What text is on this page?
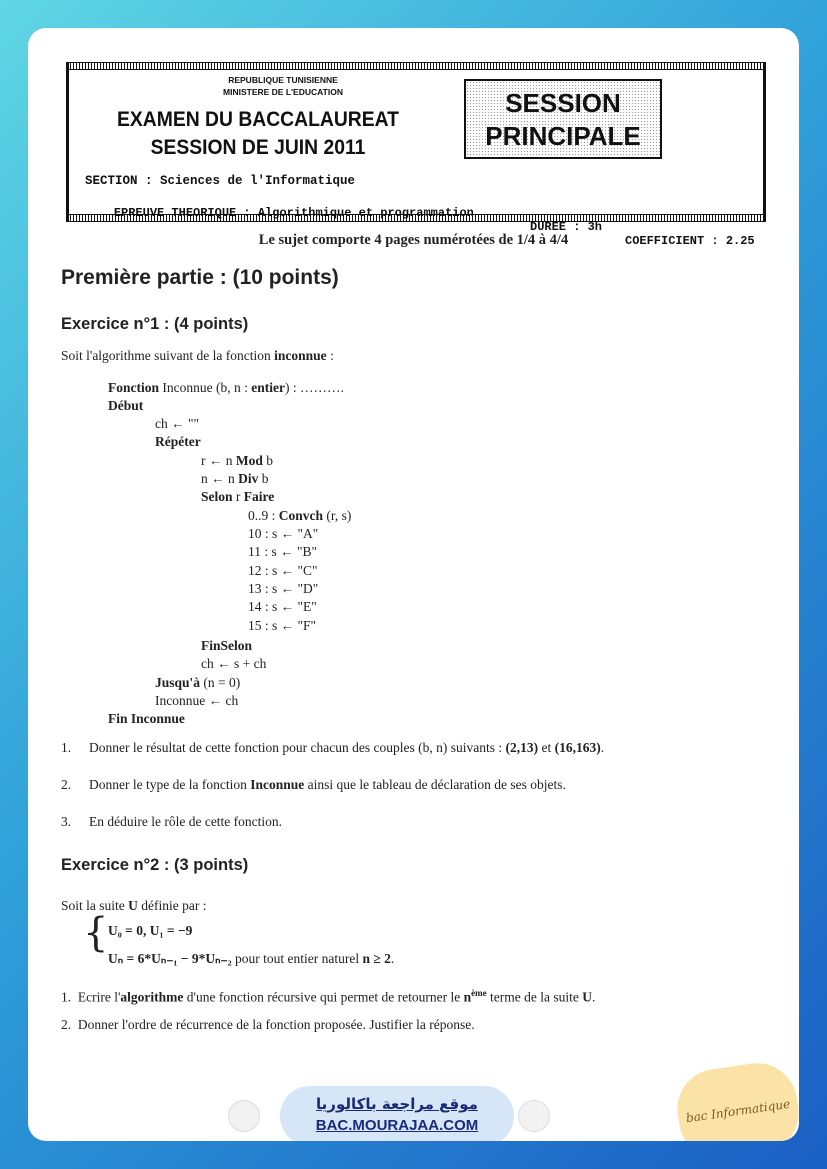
REPUBLIQUE TUNISIENNE
MINISTERE DE L'EDUCATION
EXAMEN DU BACCALAUREAT
SESSION DE JUIN 2011
SESSION
PRINCIPALE
SECTION : Sciences de l'Informatique

EPREUVE THEORIQUE : Algorithmique et programmation

DUREE : 3h

COEFFICIENT : 2.25

Le sujet comporte 4 pages numérotées de 1/4 à 4/4
Première partie : (10 points)
Exercice n°1 : (4 points)
Soit l'algorithme suivant de la fonction inconnue :
Fonction Inconnue (b, n : entier) : ……….
Début
ch ← ""
Répéter
r ← n Mod b
n ← n Div b
Selon r Faire
0..9 : Convch (r, s)
10 : s ← "A"
11 : s ← "B"
12 : s ← "C"
13 : s ← "D"
14 : s ← "E"
15 : s ← "F"
FinSelon
ch ← s + ch
Jusqu'à (n = 0)
Inconnue ← ch
Fin Inconnue
1. Donner le résultat de cette fonction pour chacun des couples (b, n) suivants : (2,13) et (16,163).
2. Donner le type de la fonction Inconnue ainsi que le tableau de déclaration de ses objets.
3. En déduire le rôle de cette fonction.
Exercice n°2 : (3 points)
Soit la suite U définie par :
{ U₀ = 0, U₁ = −9
Uₙ = 6*Uₙ₋₁ − 9*Uₙ₋₂ pour tout entier naturel n ≥ 2.
1. Ecrire l'algorithme d'une fonction récursive qui permet de retourner le $n^{ème}$ terme de la suite U.
2. Donner l'ordre de récurrence de la fonction proposée. Justifier la réponse.
موقع مراجعة باكالوريا
BAC.MOURAJAA.COM
bac Informatique
